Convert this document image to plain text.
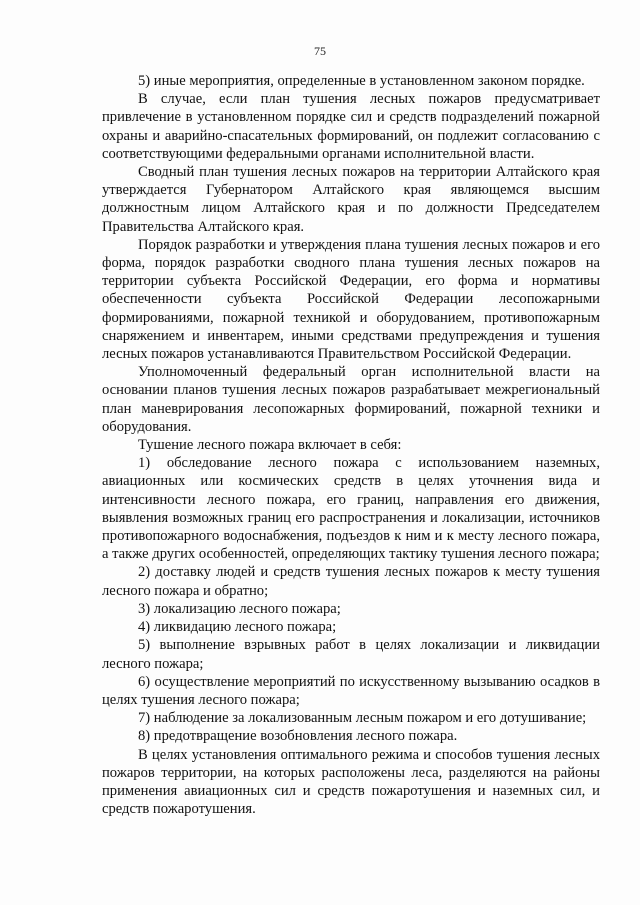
75

5) иные мероприятия, определенные в установленном законом порядке.

В случае, если план тушения лесных пожаров предусматривает привлечение в установленном порядке сил и средств подразделений пожарной охраны и аварийно-спасательных формирований, он подлежит согласованию с соответствующими федеральными органами исполнительной власти.

Сводный план тушения лесных пожаров на территории Алтайского края утверждается Губернатором Алтайского края являющемся высшим должностным лицом Алтайского края и по должности Председателем Правительства Алтайского края.

Порядок разработки и утверждения плана тушения лесных пожаров и его форма, порядок разработки сводного плана тушения лесных пожаров на территории субъекта Российской Федерации, его форма и нормативы обеспеченности субъекта Российской Федерации лесопожарными формированиями, пожарной техникой и оборудованием, противопожарным снаряжением и инвентарем, иными средствами предупреждения и тушения лесных пожаров устанавливаются Правительством Российской Федерации.

Уполномоченный федеральный орган исполнительной власти на основании планов тушения лесных пожаров разрабатывает межрегиональный план маневрирования лесопожарных формирований, пожарной техники и оборудования.

Тушение лесного пожара включает в себя:

1) обследование лесного пожара с использованием наземных, авиационных или космических средств в целях уточнения вида и интенсивности лесного пожара, его границ, направления его движения, выявления возможных границ его распространения и локализации, источников противопожарного водоснабжения, подъездов к ним и к месту лесного пожара, а также других особенностей, определяющих тактику тушения лесного пожара;

2) доставку людей и средств тушения лесных пожаров к месту тушения лесного пожара и обратно;

3) локализацию лесного пожара;

4) ликвидацию лесного пожара;

5) выполнение взрывных работ в целях локализации и ликвидации лесного пожара;

6) осуществление мероприятий по искусственному вызыванию осадков в целях тушения лесного пожара;

7) наблюдение за локализованным лесным пожаром и его дотушивание;

8) предотвращение возобновления лесного пожара.

В целях установления оптимального режима и способов тушения лесных пожаров территории, на которых расположены леса, разделяются на районы применения авиационных сил и средств пожаротушения и наземных сил, и средств пожаротушения.
